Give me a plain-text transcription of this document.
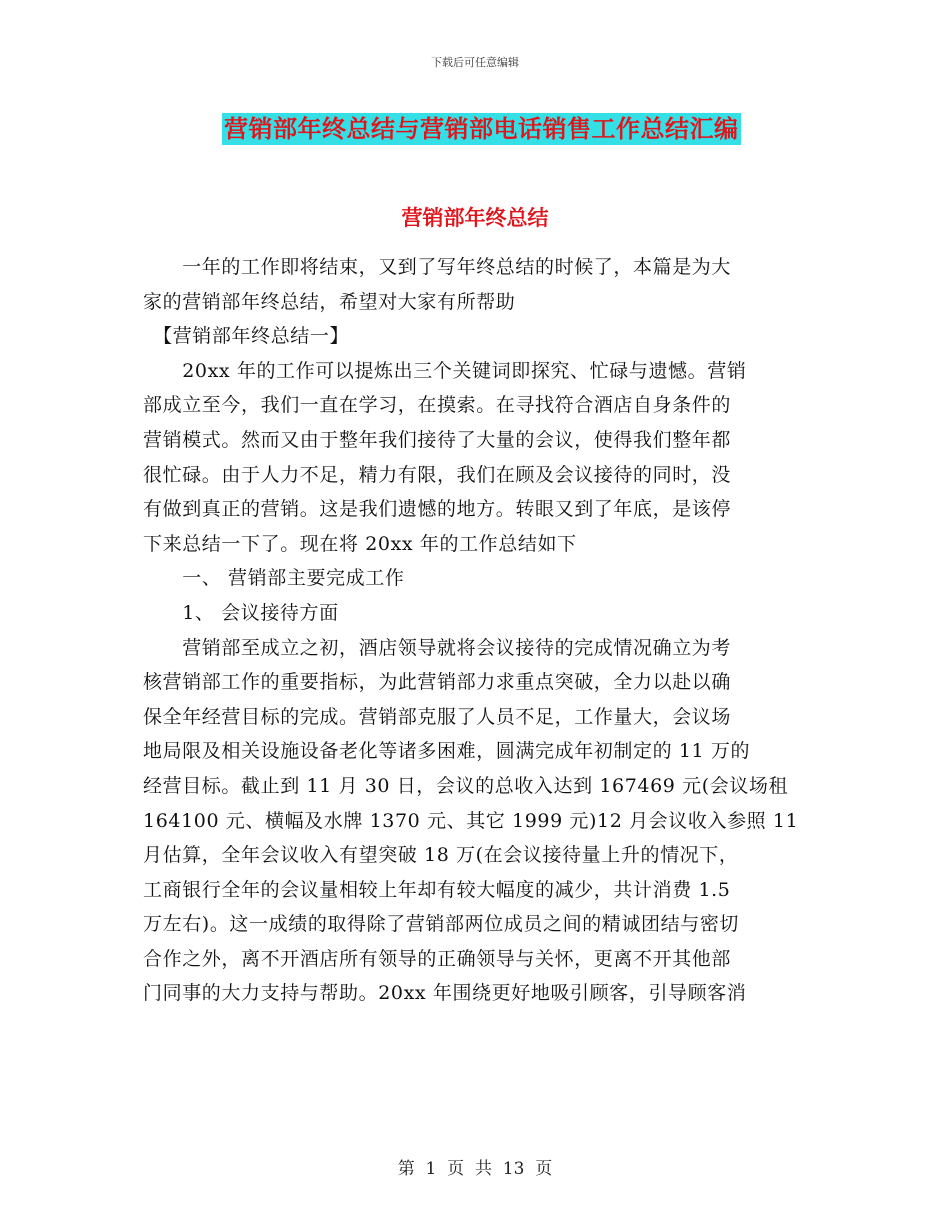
下载后可任意编辑
营销部年终总结与营销部电话销售工作总结汇编
营销部年终总结
　　一年的工作即将结束，又到了写年终总结的时候了，本篇是为大
家的营销部年终总结，希望对大家有所帮助
　【营销部年终总结一】
　　20xx 年的工作可以提炼出三个关键词即探究、忙碌与遗憾。营销
部成立至今，我们一直在学习，在摸索。在寻找符合酒店自身条件的
营销模式。然而又由于整年我们接待了大量的会议，使得我们整年都
很忙碌。由于人力不足，精力有限，我们在顾及会议接待的同时，没
有做到真正的营销。这是我们遗憾的地方。转眼又到了年底，是该停
下来总结一下了。现在将 20xx 年的工作总结如下
　　一、 营销部主要完成工作
　　1、 会议接待方面
　　营销部至成立之初，酒店领导就将会议接待的完成情况确立为考
核营销部工作的重要指标，为此营销部力求重点突破，全力以赴以确
保全年经营目标的完成。营销部克服了人员不足，工作量大，会议场
地局限及相关设施设备老化等诸多困难，圆满完成年初制定的 11 万的
经营目标。截止到 11 月 30 日，会议的总收入达到 167469 元(会议场租
164100 元、横幅及水牌 1370 元、其它 1999 元)12 月会议收入参照 11
月估算，全年会议收入有望突破 18 万(在会议接待量上升的情况下，
工商银行全年的会议量相较上年却有较大幅度的减少，共计消费 1.5
万左右)。这一成绩的取得除了营销部两位成员之间的精诚团结与密切
合作之外，离不开酒店所有领导的正确领导与关怀，更离不开其他部
门同事的大力支持与帮助。20xx 年围绕更好地吸引顾客，引导顾客消
第  1  页  共  13  页
